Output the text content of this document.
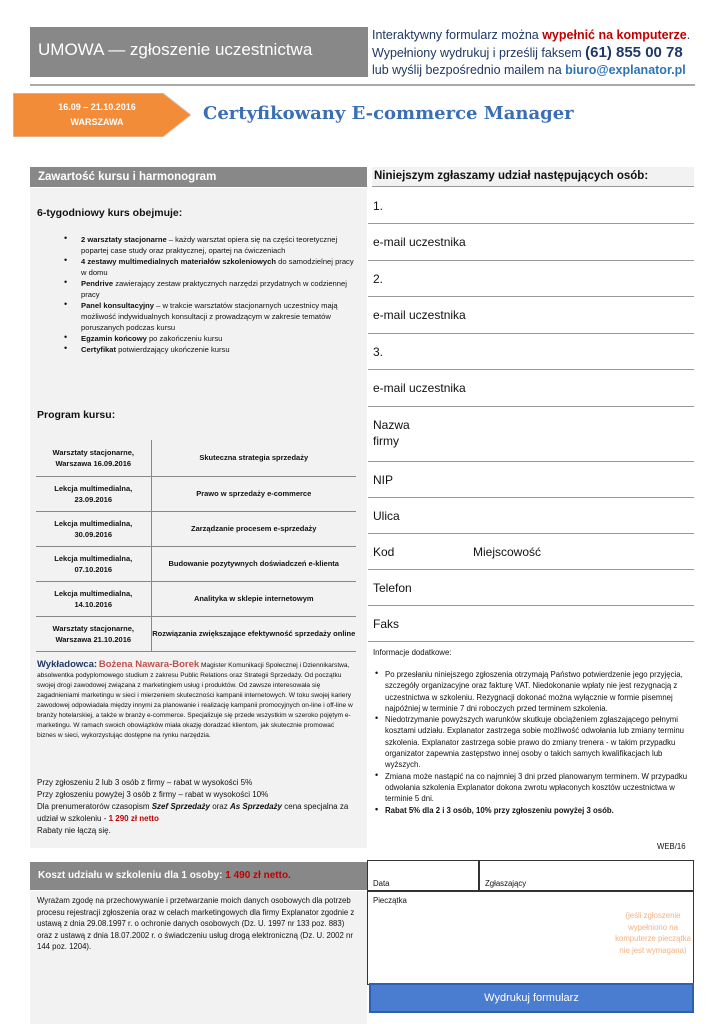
UMOWA — zgłoszenie uczestnictwa
Interaktywny formularz można wypełnić na komputerze.
Wypełniony wydrukuj i prześlij faksem (61) 855 00 78
lub wyślij bezpośrednio mailem na biuro@explanator.pl
16.09 – 21.10.2016
WARSZAWA	Certyfikowany E-commerce Manager
Zawartość kursu i harmonogram
6-tygodniowy kurs obejmuje:
• 2 warsztaty stacjonarne – każdy warsztat opiera się na części teoretycznej popartej case study oraz praktycznej, opartej na ćwiczeniach
• 4 zestawy multimedialnych materiałów szkoleniowych do samodzielnej pracy w domu
• Pendrive zawierający zestaw praktycznych narzędzi przydatnych w codziennej pracy
• Panel konsultacyjny – w trakcie warsztatów stacjonarnych uczestnicy mają możliwość indywidualnych konsultacji z prowadzącym w zakresie tematów poruszanych podczas kursu
• Egzamin końcowy po zakończeniu kursu
• Certyfikat potwierdzający ukończenie kursu
Program kursu:
Warsztaty stacjonarne, Warszawa 16.09.2016	Skuteczna strategia sprzedaży
Lekcja multimedialna, 23.09.2016	Prawo w sprzedaży e-commerce
Lekcja multimedialna, 30.09.2016	Zarządzanie procesem e-sprzedaży
Lekcja multimedialna, 07.10.2016	Budowanie pozytywnych doświadczeń e-klienta
Lekcja multimedialna, 14.10.2016	Analityka w sklepie internetowym
Warsztaty stacjonarne, Warszawa 21.10.2016	Rozwiązania zwiększające efektywność sprzedaży online
Wykładowca: Bożena Nawara-Borek Magister Komunikacji Społecznej i Dziennikarstwa, absolwentka podyplomowego studium z zakresu Public Relations oraz Strategii Sprzedaży. Od początku swojej drogi zawodowej związana z marketingiem usług i produktów. Od zawsze interesowała się zagadnieniami marketingu w sieci i mierzeniem skuteczności kampanii internetowych. W toku swojej kariery zawodowej odpowiadała między innymi za planowanie i realizację kampanii promocyjnych on-line i off-line w branży hotelarskiej, a także w branży e-commerce. Specjalizuje się przede wszystkim w szeroko pojętym e-marketingu. W ramach swoich obowiązków miała okazję doradzać klientom, jak skutecznie promować biznes w sieci, wykorzystując dostępne na rynku narzędzia.
Przy zgłoszeniu 2 lub 3 osób z firmy – rabat w wysokości 5%
Przy zgłoszeniu powyżej 3 osób z firmy – rabat w wysokości 10%
Dla prenumeratorów czasopism Szef Sprzedaży oraz As Sprzedaży cena specjalna za udział w szkoleniu - 1 290 zł netto
Rabaty nie łączą się.
Koszt udziału w szkoleniu dla 1 osoby: 1 490 zł netto.
Wyrażam zgodę na przechowywanie i przetwarzanie moich danych osobowych dla potrzeb procesu rejestracji zgłoszenia oraz w celach marketingowych dla firmy Explanator zgodnie z ustawą z dnia 29.08.1997 r. o ochronie danych osobowych (Dz. U. 1997 nr 133 poz. 883) oraz z ustawą z dnia 18.07.2002 r. o świadczeniu usług drogą elektroniczną (Dz. U. 2002 nr 144 poz. 1204).
Niniejszym zgłaszamy udział następujących osób:
1.
e-mail uczestnika
2.
e-mail uczestnika
3.
e-mail uczestnika
Nazwa firmy
NIP
Ulica
Kod	Miejscowość
Telefon
Faks
Informacje dodatkowe:
• Po przesłaniu niniejszego zgłoszenia otrzymają Państwo potwierdzenie jego przyjęcia, szczegóły organizacyjne oraz fakturę VAT. Niedokonanie wpłaty nie jest rezygnacją z uczestnictwa w szkoleniu. Rezygnacji dokonać można wyłącznie w formie pisemnej najpóźniej w terminie 7 dni roboczych przed terminem szkolenia.
• Niedotrzymanie powyższych warunków skutkuje obciążeniem zgłaszającego pełnymi kosztami udziału. Explanator zastrzega sobie możliwość odwołania lub zmiany terminu szkolenia. Explanator zastrzega sobie prawo do zmiany trenera - w takim przypadku organizator zapewnia zastępstwo innej osoby o takich samych kwalifikacjach lub wyższych.
• Zmiana może nastąpić na co najmniej 3 dni przed planowanym terminem. W przypadku odwołania szkolenia Explanator dokona zwrotu wpłaconych kosztów uczestnictwa w terminie 5 dni.
• Rabat 5% dla 2 i 3 osób, 10% przy zgłoszeniu powyżej 3 osób.
WEB/16
Data	Zgłaszający
Pieczątka
(jeśli zgłoszenie wypełniono na komputerze pieczątka nie jest wymagana)
Wydrukuj formularz
